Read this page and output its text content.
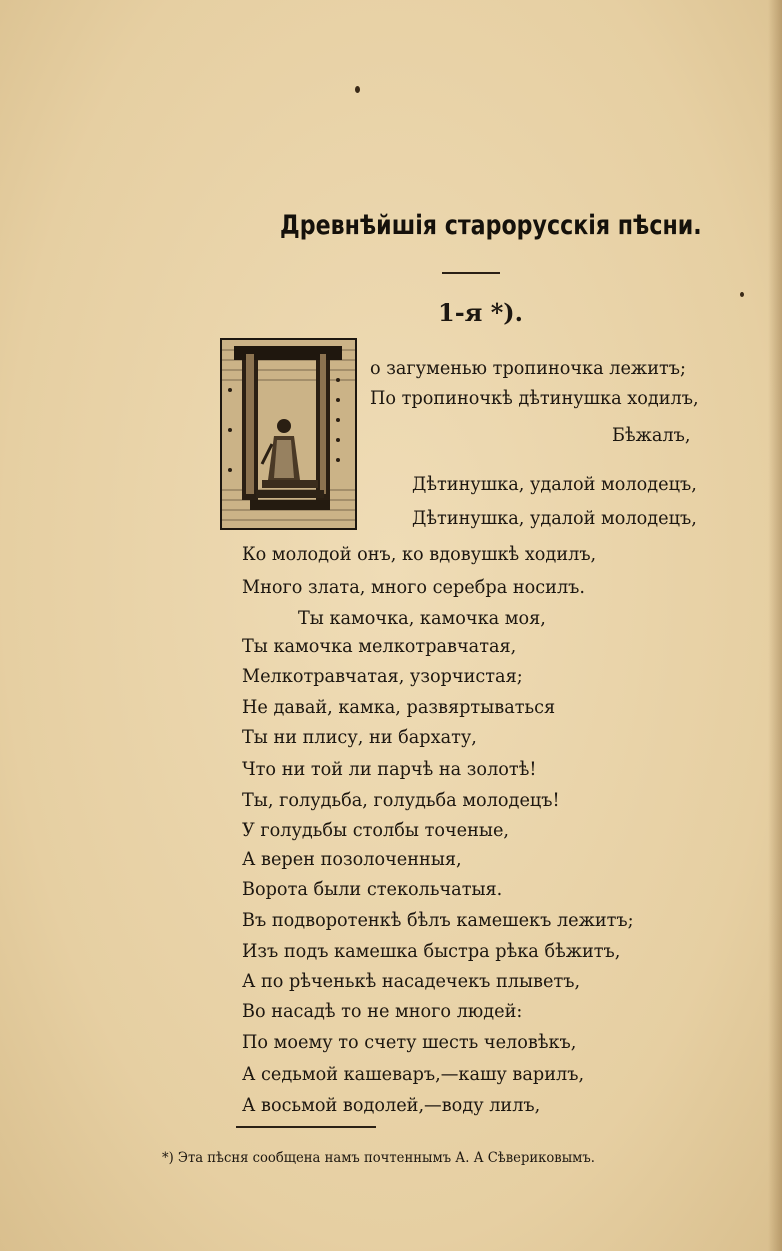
Древнѣйшія старорусскія пѣсни.
1-я *).
о загуменью тропиночка лежитъ;
По тропиночкѣ дѣтинушка ходилъ,
Бѣжалъ,
Дѣтинушка, удалой молодецъ,
Дѣтинушка, удалой молодецъ,
Ко молодой онъ, ко вдовушкѣ ходилъ,
Много злата, много серебра носилъ.
Ты камочка, камочка моя,
Ты камочка мелкотравчатая,
Мелкотравчатая, узорчистая;
Не давай, камка, развяртываться
Ты ни плису, ни бархату,
Что ни той ли парчѣ на золотѣ!
Ты, голудьба, голудьба молодецъ!
У голудьбы столбы точеные,
А верен позолоченныя,
Ворота были стекольчатыя.
Въ подворотенкѣ бѣлъ камешекъ лежитъ;
Изъ подъ камешка быстра рѣка бѣжитъ,
А по рѣченькѣ насадечекъ плыветъ,
Во насадѣ то не много людей:
По моему то счету шесть человѣкъ,
А седьмой кашеваръ,—кашу варилъ,
А восьмой водолей,—воду лилъ,
*) Эта пѣсня сообщена намъ почтеннымъ А. А Сѣвериковымъ.
